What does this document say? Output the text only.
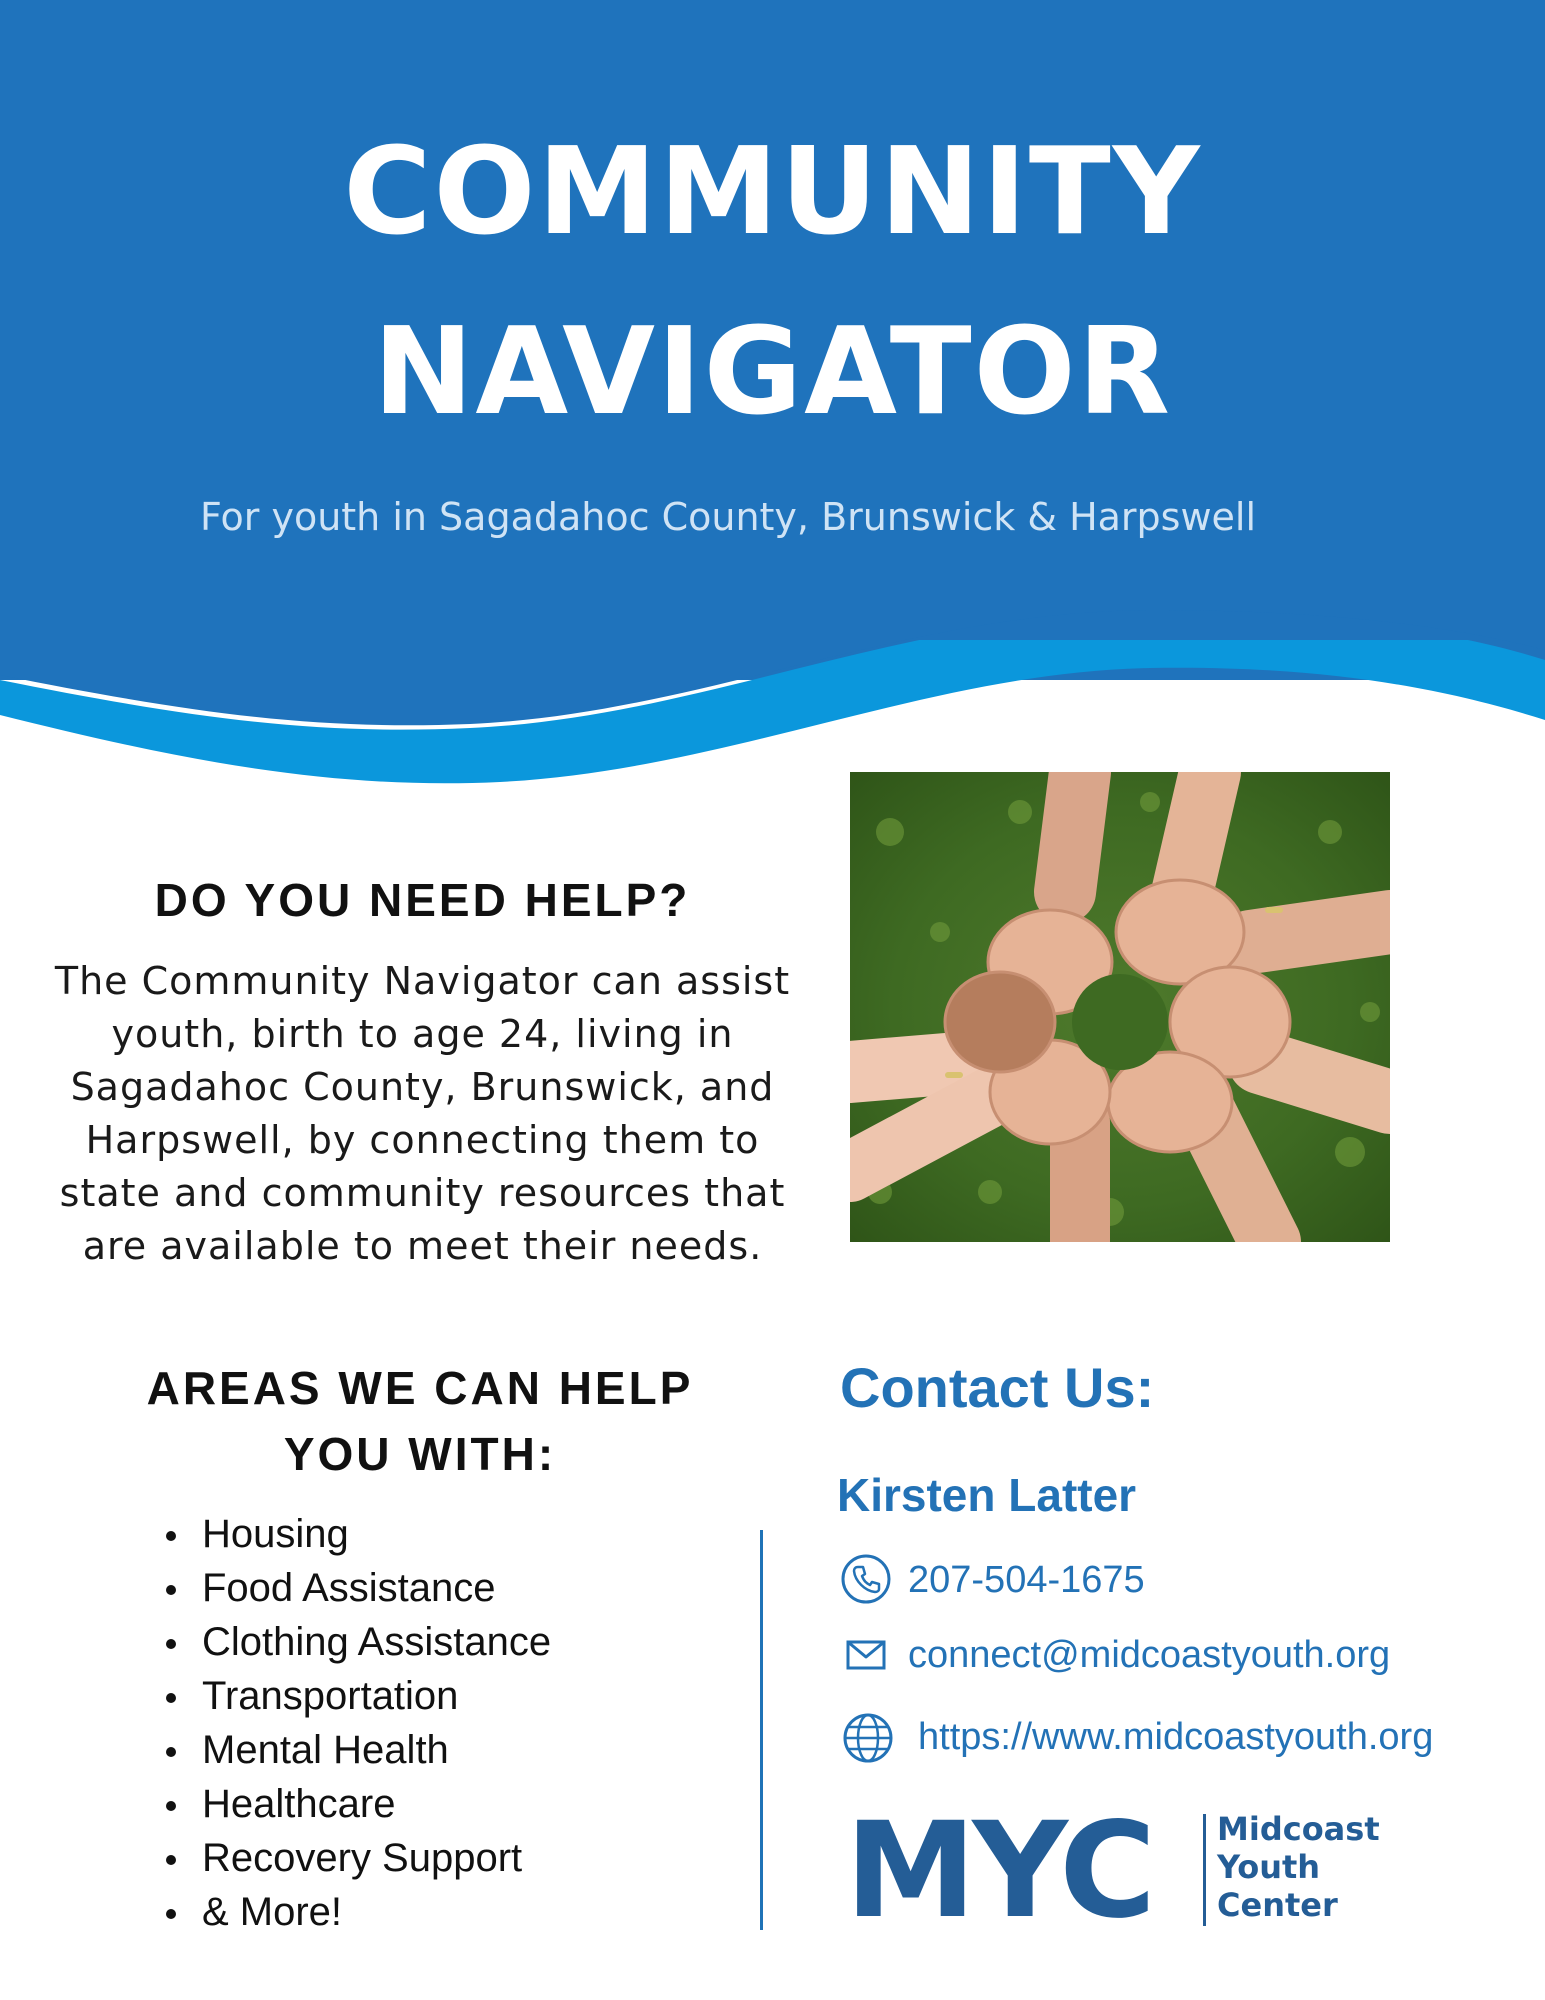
COMMUNITY
NAVIGATOR
For youth in Sagadahoc County, Brunswick & Harpswell
DO YOU NEED HELP?
The Community Navigator can assist youth, birth to age 24, living in Sagadahoc County, Brunswick, and Harpswell, by connecting them to state and community resources that are available to meet their needs.
AREAS WE CAN HELP YOU WITH:
Housing
Food Assistance
Clothing Assistance
Transportation
Mental Health
Healthcare
Recovery Support
& More!
Contact Us:
Kirsten Latter
207-504-1675
connect@midcoastyouth.org
https://www.midcoastyouth.org
MYC Midcoast
Youth
Center
